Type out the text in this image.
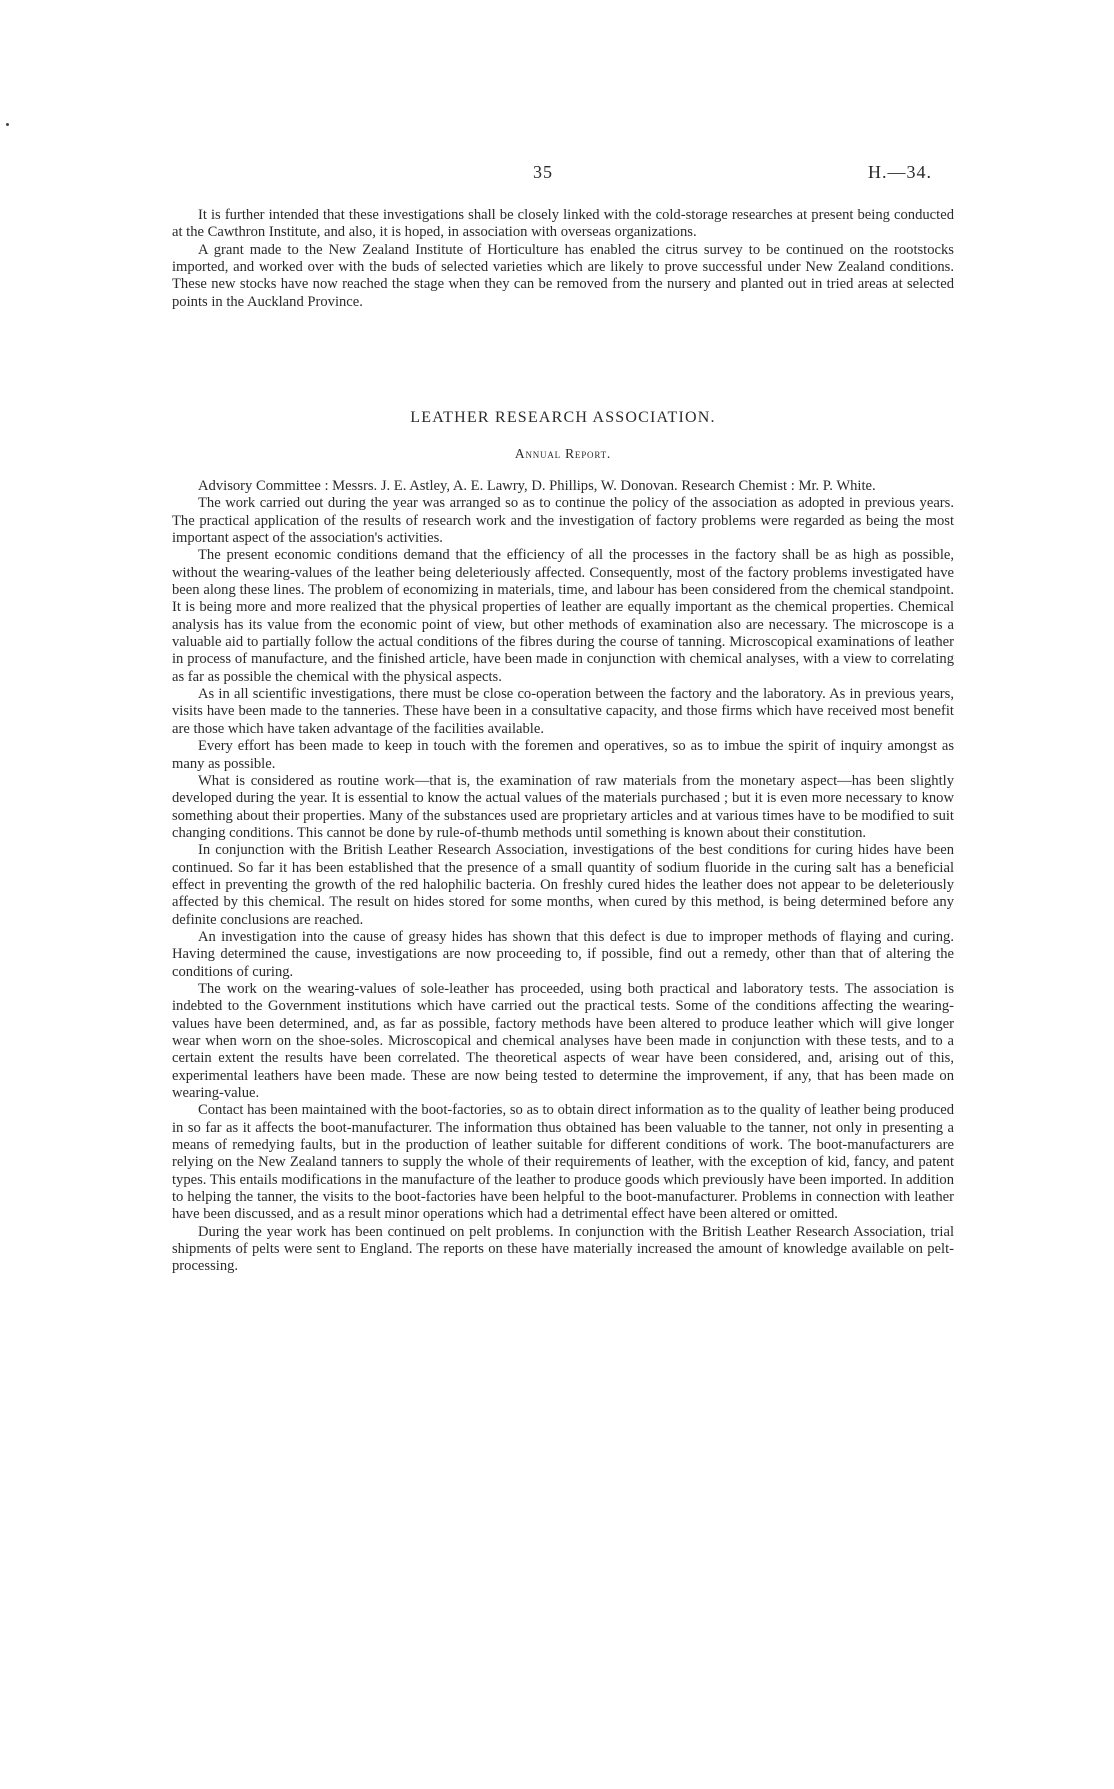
35	H.—34.

It is further intended that these investigations shall be closely linked with the cold-storage researches at present being conducted at the Cawthron Institute, and also, it is hoped, in association with overseas organizations.

A grant made to the New Zealand Institute of Horticulture has enabled the citrus survey to be continued on the rootstocks imported, and worked over with the buds of selected varieties which are likely to prove successful under New Zealand conditions. These new stocks have now reached the stage when they can be removed from the nursery and planted out in tried areas at selected points in the Auckland Province.

LEATHER RESEARCH ASSOCIATION.
Annual Report.

Advisory Committee : Messrs. J. E. Astley, A. E. Lawry, D. Phillips, W. Donovan. Research Chemist : Mr. P. White.

The work carried out during the year was arranged so as to continue the policy of the association as adopted in previous years. The practical application of the results of research work and the investigation of factory problems were regarded as being the most important aspect of the association's activities.

The present economic conditions demand that the efficiency of all the processes in the factory shall be as high as possible, without the wearing-values of the leather being deleteriously affected. Consequently, most of the factory problems investigated have been along these lines. The problem of economizing in materials, time, and labour has been considered from the chemical standpoint. It is being more and more realized that the physical properties of leather are equally important as the chemical properties. Chemical analysis has its value from the economic point of view, but other methods of examination also are necessary. The microscope is a valuable aid to partially follow the actual conditions of the fibres during the course of tanning. Microscopical examinations of leather in process of manufacture, and the finished article, have been made in conjunction with chemical analyses, with a view to correlating as far as possible the chemical with the physical aspects.

As in all scientific investigations, there must be close co-operation between the factory and the laboratory. As in previous years, visits have been made to the tanneries. These have been in a consultative capacity, and those firms which have received most benefit are those which have taken advantage of the facilities available.

Every effort has been made to keep in touch with the foremen and operatives, so as to imbue the spirit of inquiry amongst as many as possible.

What is considered as routine work—that is, the examination of raw materials from the monetary aspect—has been slightly developed during the year. It is essential to know the actual values of the materials purchased ; but it is even more necessary to know something about their properties. Many of the substances used are proprietary articles and at various times have to be modified to suit changing conditions. This cannot be done by rule-of-thumb methods until something is known about their constitution.

In conjunction with the British Leather Research Association, investigations of the best conditions for curing hides have been continued. So far it has been established that the presence of a small quantity of sodium fluoride in the curing salt has a beneficial effect in preventing the growth of the red halophilic bacteria. On freshly cured hides the leather does not appear to be deleteriously affected by this chemical. The result on hides stored for some months, when cured by this method, is being determined before any definite conclusions are reached.

An investigation into the cause of greasy hides has shown that this defect is due to improper methods of flaying and curing. Having determined the cause, investigations are now proceeding to, if possible, find out a remedy, other than that of altering the conditions of curing.

The work on the wearing-values of sole-leather has proceeded, using both practical and laboratory tests. The association is indebted to the Government institutions which have carried out the practical tests. Some of the conditions affecting the wearing-values have been determined, and, as far as possible, factory methods have been altered to produce leather which will give longer wear when worn on the shoe-soles. Microscopical and chemical analyses have been made in conjunction with these tests, and to a certain extent the results have been correlated. The theoretical aspects of wear have been considered, and, arising out of this, experimental leathers have been made. These are now being tested to determine the improvement, if any, that has been made on wearing-value.

Contact has been maintained with the boot-factories, so as to obtain direct information as to the quality of leather being produced in so far as it affects the boot-manufacturer. The information thus obtained has been valuable to the tanner, not only in presenting a means of remedying faults, but in the production of leather suitable for different conditions of work. The boot-manufacturers are relying on the New Zealand tanners to supply the whole of their requirements of leather, with the exception of kid, fancy, and patent types. This entails modifications in the manufacture of the leather to produce goods which previously have been imported. In addition to helping the tanner, the visits to the boot-factories have been helpful to the boot-manufacturer. Problems in connection with leather have been discussed, and as a result minor operations which had a detrimental effect have been altered or omitted.

During the year work has been continued on pelt problems. In conjunction with the British Leather Research Association, trial shipments of pelts were sent to England. The reports on these have materially increased the amount of knowledge available on pelt-processing.
